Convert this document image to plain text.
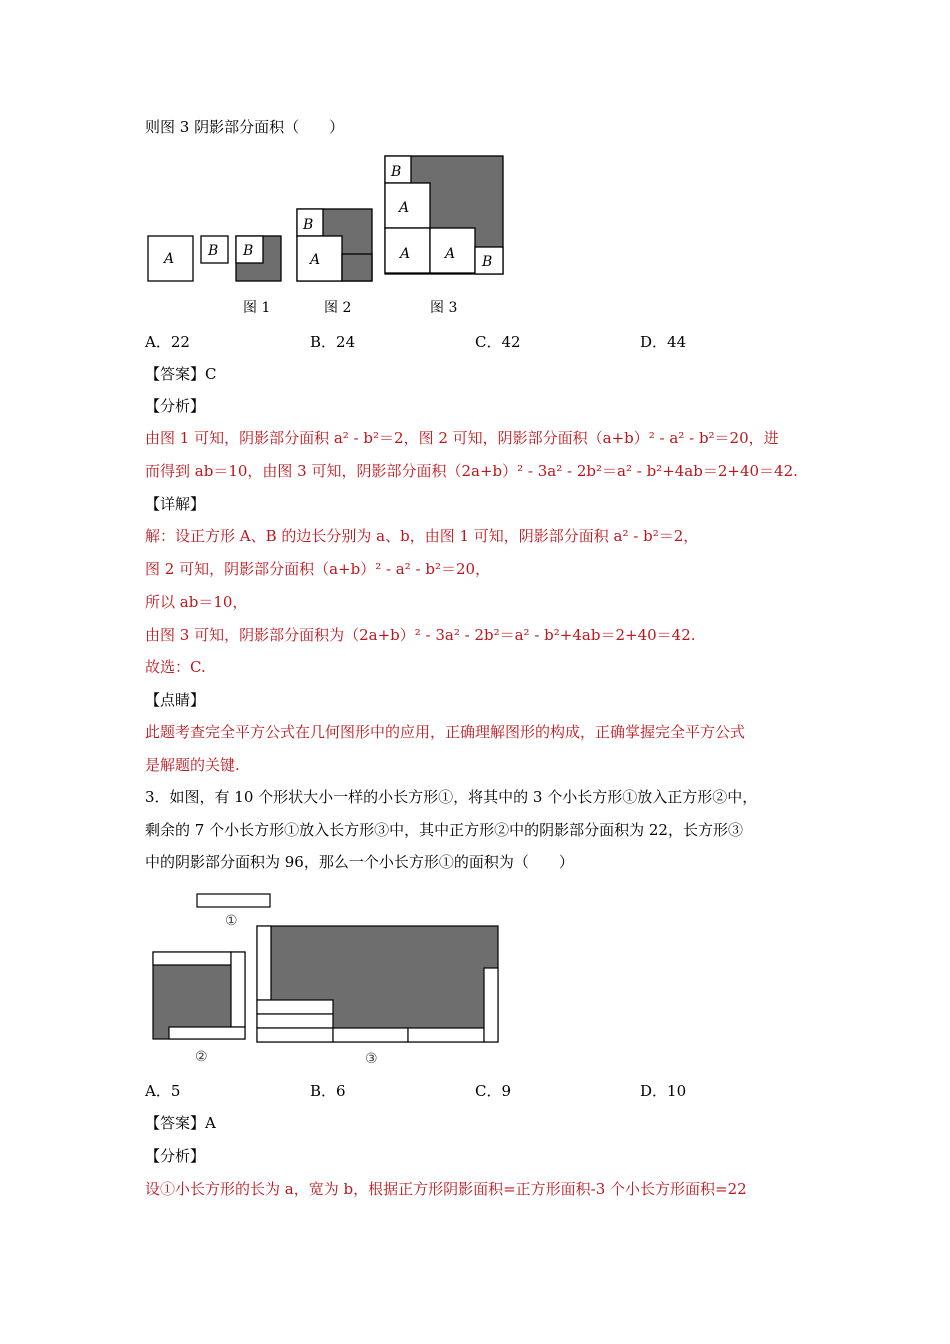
则图 3 阴影部分面积（　　）
A B B
图 1
B
A
图 2
B
A
A A B
图 3
A．22	B．24	C．42	D．44
【答案】C
【分析】
由图 1 可知，阴影部分面积 a² - b²＝2，图 2 可知，阴影部分面积（a+b）² - a² - b²＝20，进
而得到 ab＝10，由图 3 可知，阴影部分面积（2a+b）² - 3a² - 2b²＝a² - b²+4ab＝2+40＝42.
【详解】
解：设正方形 A、B 的边长分别为 a、b，由图 1 可知，阴影部分面积 a² - b²＝2，
图 2 可知，阴影部分面积（a+b）² - a² - b²＝20，
所以 ab＝10，
由图 3 可知，阴影部分面积为（2a+b）² - 3a² - 2b²＝a² - b²+4ab＝2+40＝42.
故选：C.
【点睛】
此题考查完全平方公式在几何图形中的应用，正确理解图形的构成，正确掌握完全平方公式
是解题的关键.
3．如图，有 10 个形状大小一样的小长方形①，将其中的 3 个小长方形①放入正方形②中，
剩余的 7 个小长方形①放入长方形③中，其中正方形②中的阴影部分面积为 22，长方形③
中的阴影部分面积为 96，那么一个小长方形①的面积为（　　）
①
②	③
A．5	B．6	C．9	D．10
【答案】A
【分析】
设①小长方形的长为 a，宽为 b，根据正方形阴影面积=正方形面积-3 个小长方形面积=22
